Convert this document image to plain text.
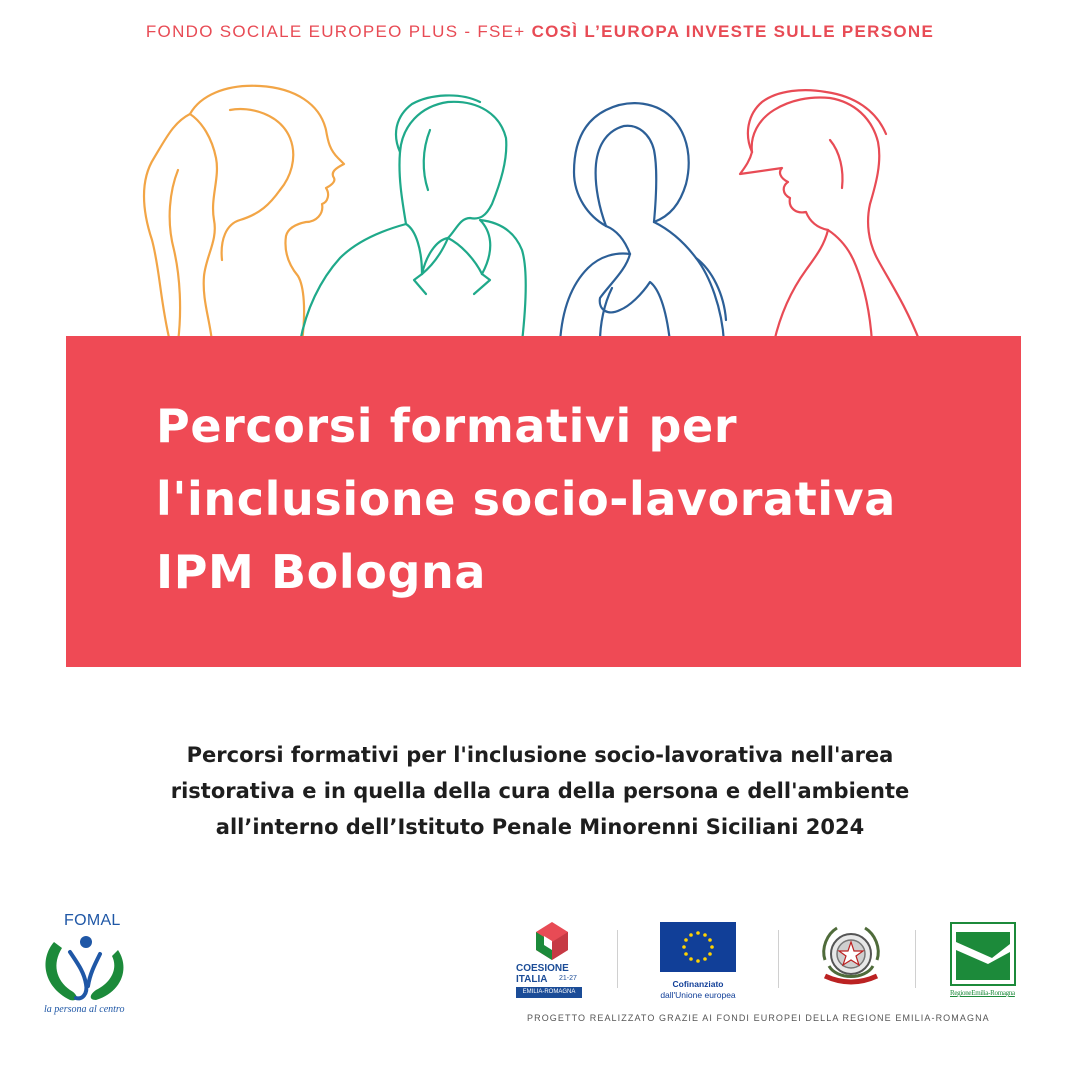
FONDO SOCIALE EUROPEO PLUS - FSE+ COSÌ L’EUROPA INVESTE SULLE PERSONE
Percorsi formativi per
l'inclusione socio-lavorativa
IPM Bologna
Percorsi formativi per l'inclusione socio-lavorativa nell'area
ristorativa e in quella della cura della persona e dell'ambiente
all’interno dell’Istituto Penale Minorenni Siciliani 2024
FOMAL
la persona al centro
COESIONE
ITALIA 21-27
EMILIA-ROMAGNA
Cofinanziato
dall'Unione europea	RegioneEmilia-Romagna
PROGETTO REALIZZATO GRAZIE AI FONDI EUROPEI DELLA REGIONE EMILIA-ROMAGNA
